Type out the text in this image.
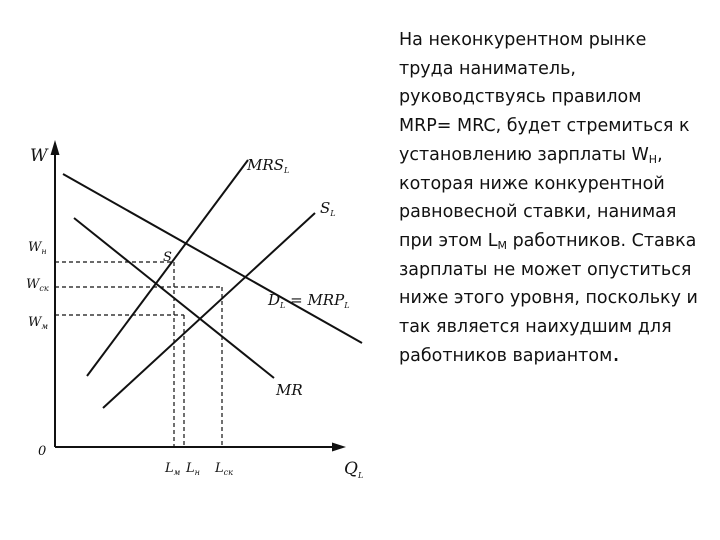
W
$Q_L$
0
Wн
Wск
Wм
Lм Lн Lск
MRSL
SL
DL = MRPL
MR
S

На неконкурентном рынке труда наниматель, руководствуясь правилом MRP= MRC, будет стремиться к установлению зарплаты $W_Н$, которая ниже конкурентной равновесной ставки, нанимая при этом $L_М$ работников. Ставка зарплаты не может опуститься ниже этого уровня, поскольку и так является наихудшим для работников вариантом.
